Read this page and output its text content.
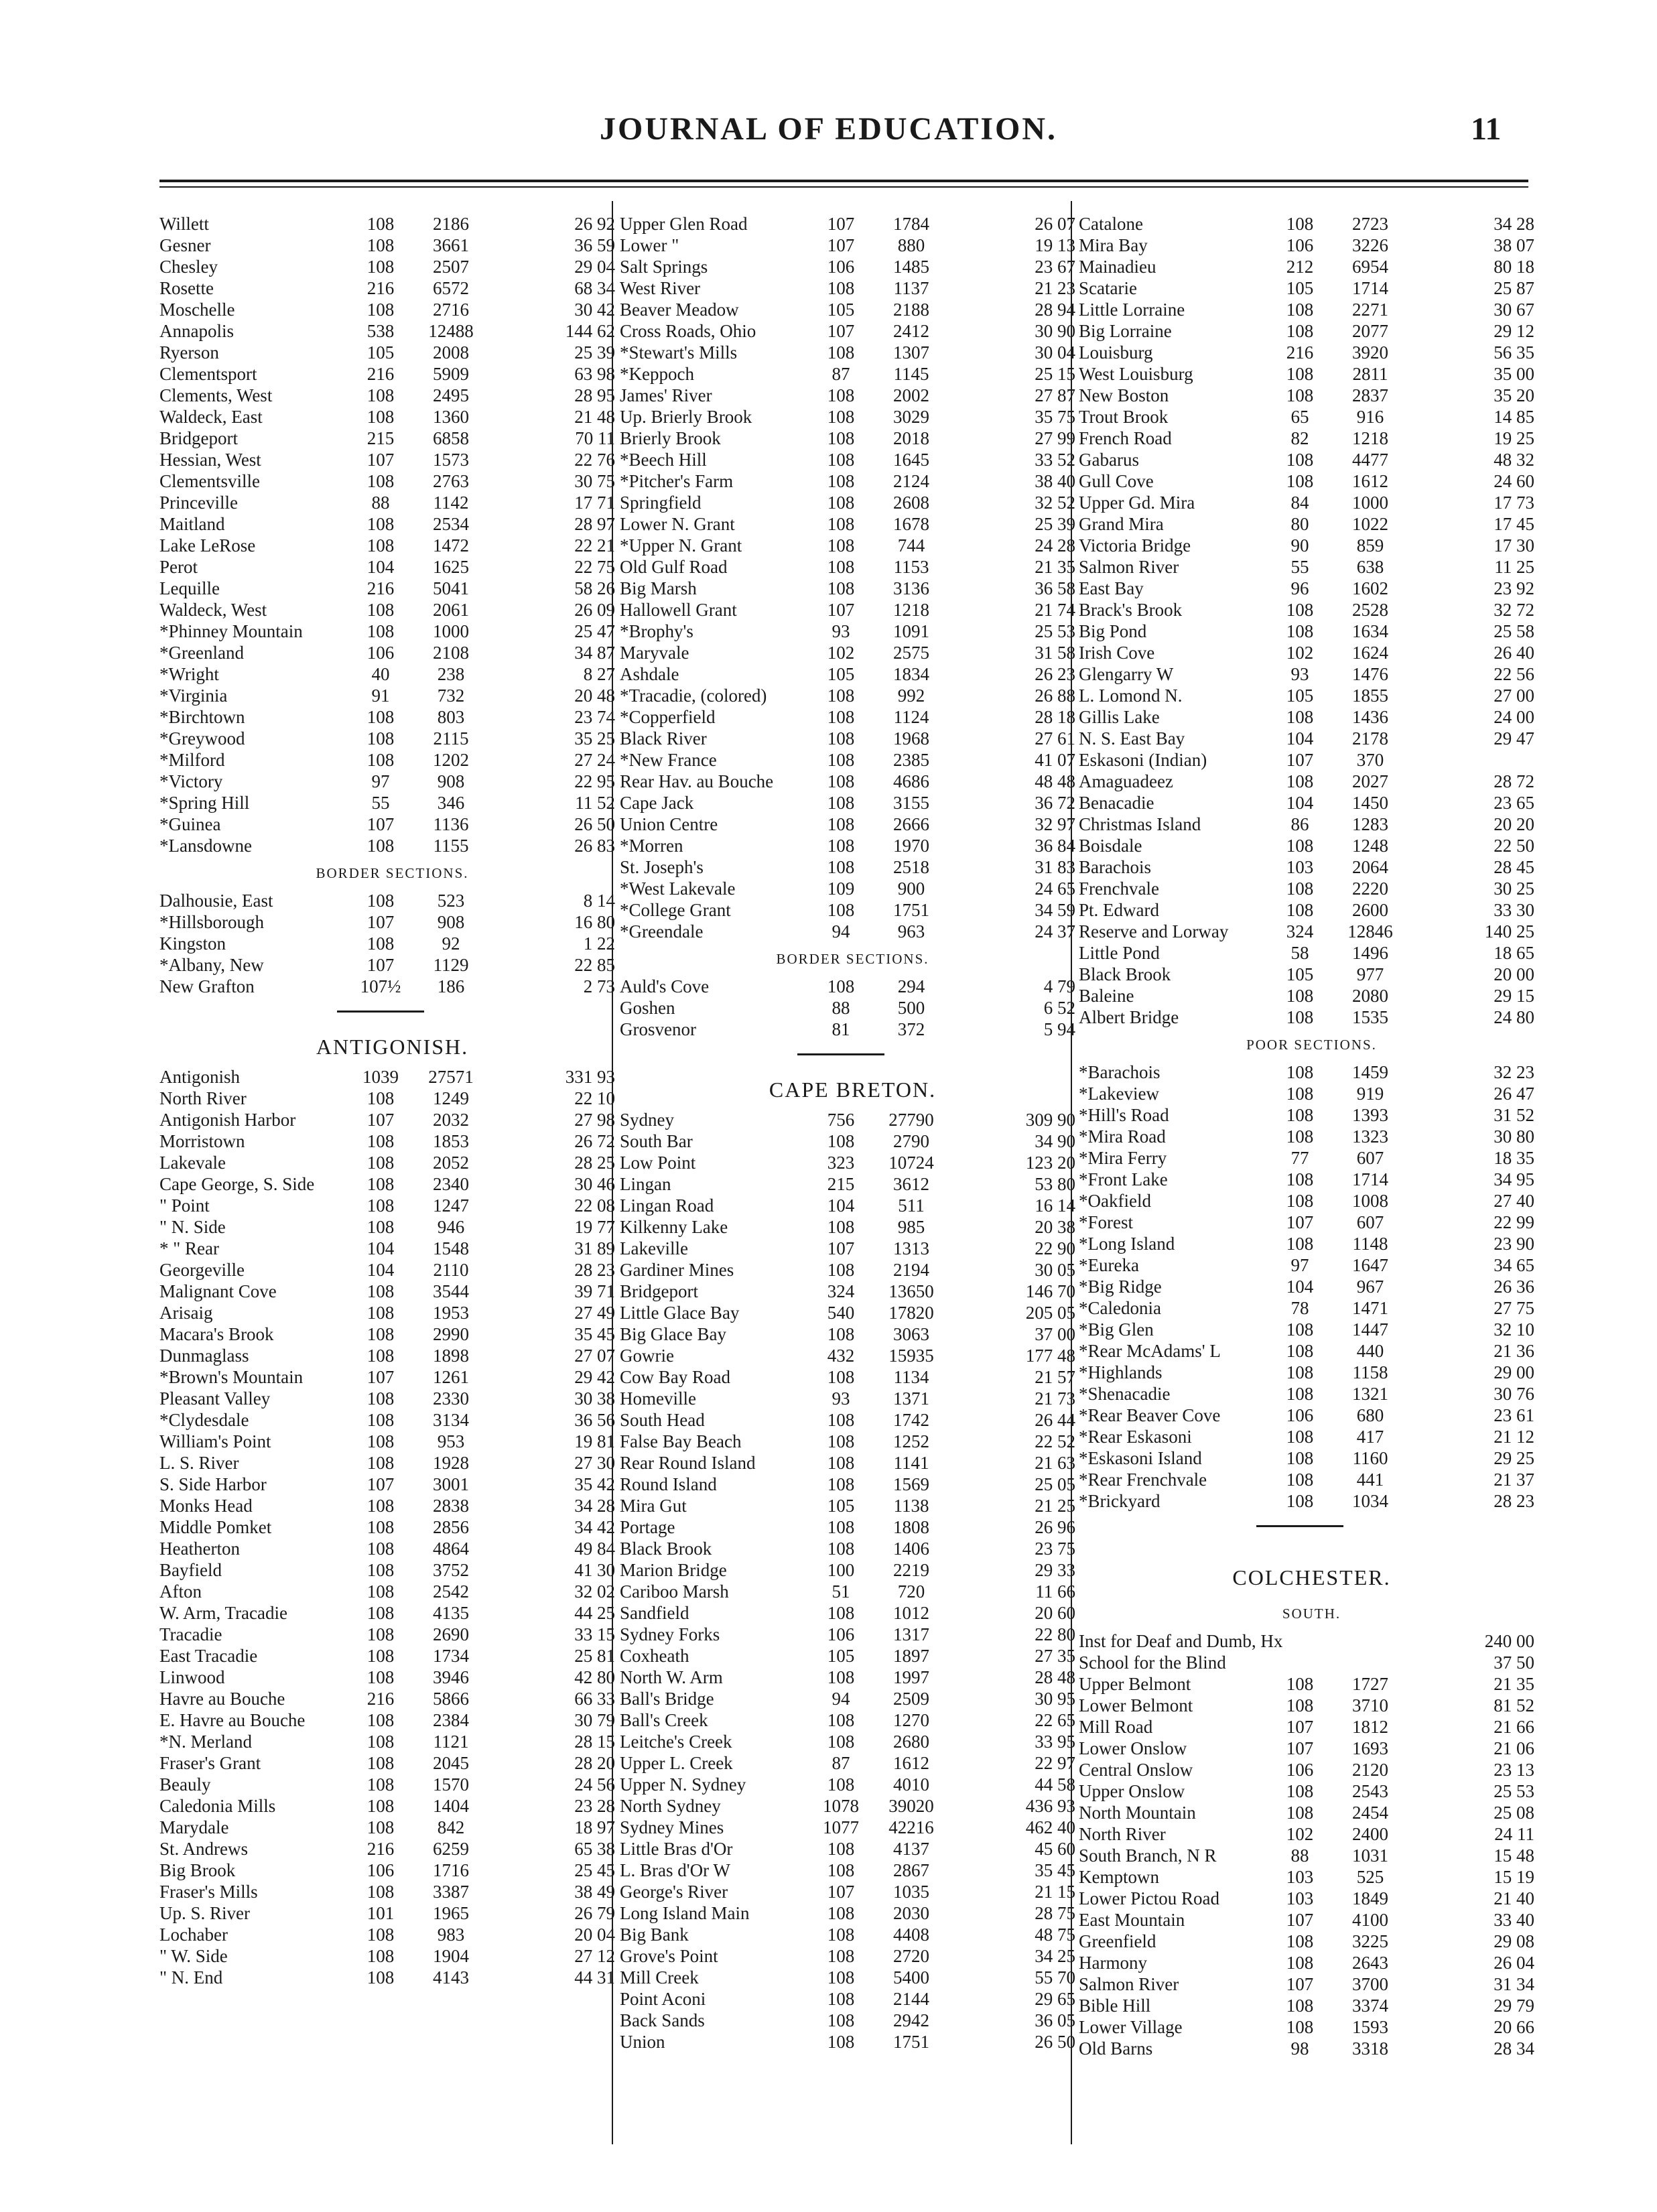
JOURNAL OF EDUCATION.	11
Willett	108	2186	26 92
Gesner	108	3661	36 59
Chesley	108	2507	29 04
Rosette	216	6572	68 34
Moschelle	108	2716	30 42
Annapolis	538	12488	144 62
Ryerson	105	2008	25 39
Clementsport	216	5909	63 98
Clements, West	108	2495	28 95
Waldeck, East	108	1360	21 48
Bridgeport	215	6858	70 11
Hessian, West	107	1573	22 76
Clementsville	108	2763	30 75
Princeville	88	1142	17 71
Maitland	108	2534	28 97
Lake LeRose	108	1472	22 21
Perot	104	1625	22 75
Lequille	216	5041	58 26
Waldeck, West	108	2061	26 09
*Phinney Mountain	108	1000	25 47
*Greenland	106	2108	34 87
*Wright	40	238	8 27
*Virginia	91	732	20 48
*Birchtown	108	803	23 74
*Greywood	108	2115	35 25
*Milford	108	1202	27 24
*Victory	97	908	22 95
*Spring Hill	55	346	11 52
*Guinea	107	1136	26 50
*Lansdowne	108	1155	26 83
BORDER SECTIONS.
Dalhousie, East	108	523	8 14
*Hillsborough	107	908	16 80
Kingston	108	92	1 22
*Albany, New	107	1129	22 85
New Grafton	107½	186	2 73
ANTIGONISH.
Antigonish	1039	27571	331 93
North River	108	1249	22 10
Antigonish Harbor	107	2032	27 98
Morristown	108	1853	26 72
Lakevale	108	2052	28 25
Cape George, S. Side	108	2340	30 46
" Point	108	1247	22 08
" N. Side	108	946	19 77
* " Rear	104	1548	31 89
Georgeville	104	2110	28 23
Malignant Cove	108	3544	39 71
Arisaig	108	1953	27 49
Macara's Brook	108	2990	35 45
Dunmaglass	108	1898	27 07
*Brown's Mountain	107	1261	29 42
Pleasant Valley	108	2330	30 38
*Clydesdale	108	3134	36 56
William's Point	108	953	19 81
L. S. River	108	1928	27 30
S. Side Harbor	107	3001	35 42
Monks Head	108	2838	34 28
Middle Pomket	108	2856	34 42
Heatherton	108	4864	49 84
Bayfield	108	3752	41 30
Afton	108	2542	32 02
W. Arm, Tracadie	108	4135	44 25
Tracadie	108	2690	33 15
East Tracadie	108	1734	25 81
Linwood	108	3946	42 80
Havre au Bouche	216	5866	66 33
E. Havre au Bouche	108	2384	30 79
*N. Merland	108	1121	28 15
Fraser's Grant	108	2045	28 20
Beauly	108	1570	24 56
Caledonia Mills	108	1404	23 28
Marydale	108	842	18 97
St. Andrews	216	6259	65 38
Big Brook	106	1716	25 45
Fraser's Mills	108	3387	38 49
Up. S. River	101	1965	26 79
Lochaber	108	983	20 04
" W. Side	108	1904	27 12
" N. End	108	4143	44 31
Upper Glen Road	107	1784	26 07
Lower "	107	880	19 13
Salt Springs	106	1485	23 67
West River	108	1137	21 23
Beaver Meadow	105	2188	28 94
Cross Roads, Ohio	107	2412	30 90
*Stewart's Mills	108	1307	30 04
*Keppoch	87	1145	25 15
James' River	108	2002	27 87
Up. Brierly Brook	108	3029	35 75
Brierly Brook	108	2018	27 99
*Beech Hill	108	1645	33 52
*Pitcher's Farm	108	2124	38 40
Springfield	108	2608	32 52
Lower N. Grant	108	1678	25 39
*Upper N. Grant	108	744	24 28
Old Gulf Road	108	1153	21 35
Big Marsh	108	3136	36 58
Hallowell Grant	107	1218	21 74
*Brophy's	93	1091	25 53
Maryvale	102	2575	31 58
Ashdale	105	1834	26 23
*Tracadie, (colored)	108	992	26 88
*Copperfield	108	1124	28 18
Black River	108	1968	27 61
*New France	108	2385	41 07
Rear Hav. au Bouche	108	4686	48 48
Cape Jack	108	3155	36 72
Union Centre	108	2666	32 97
*Morren	108	1970	36 84
St. Joseph's	108	2518	31 83
*West Lakevale	109	900	24 65
*College Grant	108	1751	34 59
*Greendale	94	963	24 37
BORDER SECTIONS.
Auld's Cove	108	294	4 79
Goshen	88	500	6 52
Grosvenor	81	372	5 94
CAPE BRETON.
Sydney	756	27790	309 90
South Bar	108	2790	34 90
Low Point	323	10724	123 20
Lingan	215	3612	53 80
Lingan Road	104	511	16 14
Kilkenny Lake	108	985	20 38
Lakeville	107	1313	22 90
Gardiner Mines	108	2194	30 05
Bridgeport	324	13650	146 70
Little Glace Bay	540	17820	205 05
Big Glace Bay	108	3063	37 00
Gowrie	432	15935	177 48
Cow Bay Road	108	1134	21 57
Homeville	93	1371	21 73
South Head	108	1742	26 44
False Bay Beach	108	1252	22 52
Rear Round Island	108	1141	21 63
Round Island	108	1569	25 05
Mira Gut	105	1138	21 25
Portage	108	1808	26 96
Black Brook	108	1406	23 75
Marion Bridge	100	2219	29 33
Cariboo Marsh	51	720	11 66
Sandfield	108	1012	20 60
Sydney Forks	106	1317	22 80
Coxheath	105	1897	27 35
North W. Arm	108	1997	28 48
Ball's Bridge	94	2509	30 95
Ball's Creek	108	1270	22 65
Leitche's Creek	108	2680	33 95
Upper L. Creek	87	1612	22 97
Upper N. Sydney	108	4010	44 58
North Sydney	1078	39020	436 93
Sydney Mines	1077	42216	462 40
Little Bras d'Or	108	4137	45 60
L. Bras d'Or W	108	2867	35 45
George's River	107	1035	21 15
Long Island Main	108	2030	28 75
Big Bank	108	4408	48 75
Grove's Point	108	2720	34 25
Mill Creek	108	5400	55 70
Point Aconi	108	2144	29 65
Back Sands	108	2942	36 05
Union	108	1751	26 50
Catalone	108	2723	34 28
Mira Bay	106	3226	38 07
Mainadieu	212	6954	80 18
Scatarie	105	1714	25 87
Little Lorraine	108	2271	30 67
Big Lorraine	108	2077	29 12
Louisburg	216	3920	56 35
West Louisburg	108	2811	35 00
New Boston	108	2837	35 20
Trout Brook	65	916	14 85
French Road	82	1218	19 25
Gabarus	108	4477	48 32
Gull Cove	108	1612	24 60
Upper Gd. Mira	84	1000	17 73
Grand Mira	80	1022	17 45
Victoria Bridge	90	859	17 30
Salmon River	55	638	11 25
East Bay	96	1602	23 92
Brack's Brook	108	2528	32 72
Big Pond	108	1634	25 58
Irish Cove	102	1624	26 40
Glengarry W	93	1476	22 56
L. Lomond N.	105	1855	27 00
Gillis Lake	108	1436	24 00
N. S. East Bay	104	2178	29 47
Eskasoni (Indian)	107	370
Amaguadeez	108	2027	28 72
Benacadie	104	1450	23 65
Christmas Island	86	1283	20 20
Boisdale	108	1248	22 50
Barachois	103	2064	28 45
Frenchvale	108	2220	30 25
Pt. Edward	108	2600	33 30
Reserve and Lorway	324	12846	140 25
Little Pond	58	1496	18 65
Black Brook	105	977	20 00
Baleine	108	2080	29 15
Albert Bridge	108	1535	24 80
POOR SECTIONS.
*Barachois	108	1459	32 23
*Lakeview	108	919	26 47
*Hill's Road	108	1393	31 52
*Mira Road	108	1323	30 80
*Mira Ferry	77	607	18 35
*Front Lake	108	1714	34 95
*Oakfield	108	1008	27 40
*Forest	107	607	22 99
*Long Island	108	1148	23 90
*Eureka	97	1647	34 65
*Big Ridge	104	967	26 36
*Caledonia	78	1471	27 75
*Big Glen	108	1447	32 10
*Rear McAdams' L	108	440	21 36
*Highlands	108	1158	29 00
*Shenacadie	108	1321	30 76
*Rear Beaver Cove	106	680	23 61
*Rear Eskasoni	108	417	21 12
*Eskasoni Island	108	1160	29 25
*Rear Frenchvale	108	441	21 37
*Brickyard	108	1034	28 23
COLCHESTER.
SOUTH.
Inst for Deaf and Dumb, Hx	240 00
School for the Blind	37 50
Upper Belmont	108	1727	21 35
Lower Belmont	108	3710	81 52
Mill Road	107	1812	21 66
Lower Onslow	107	1693	21 06
Central Onslow	106	2120	23 13
Upper Onslow	108	2543	25 53
North Mountain	108	2454	25 08
North River	102	2400	24 11
South Branch, N R	88	1031	15 48
Kemptown	103	525	15 19
Lower Pictou Road	103	1849	21 40
East Mountain	107	4100	33 40
Greenfield	108	3225	29 08
Harmony	108	2643	26 04
Salmon River	107	3700	31 34
Bible Hill	108	3374	29 79
Lower Village	108	1593	20 66
Old Barns	98	3318	28 34
